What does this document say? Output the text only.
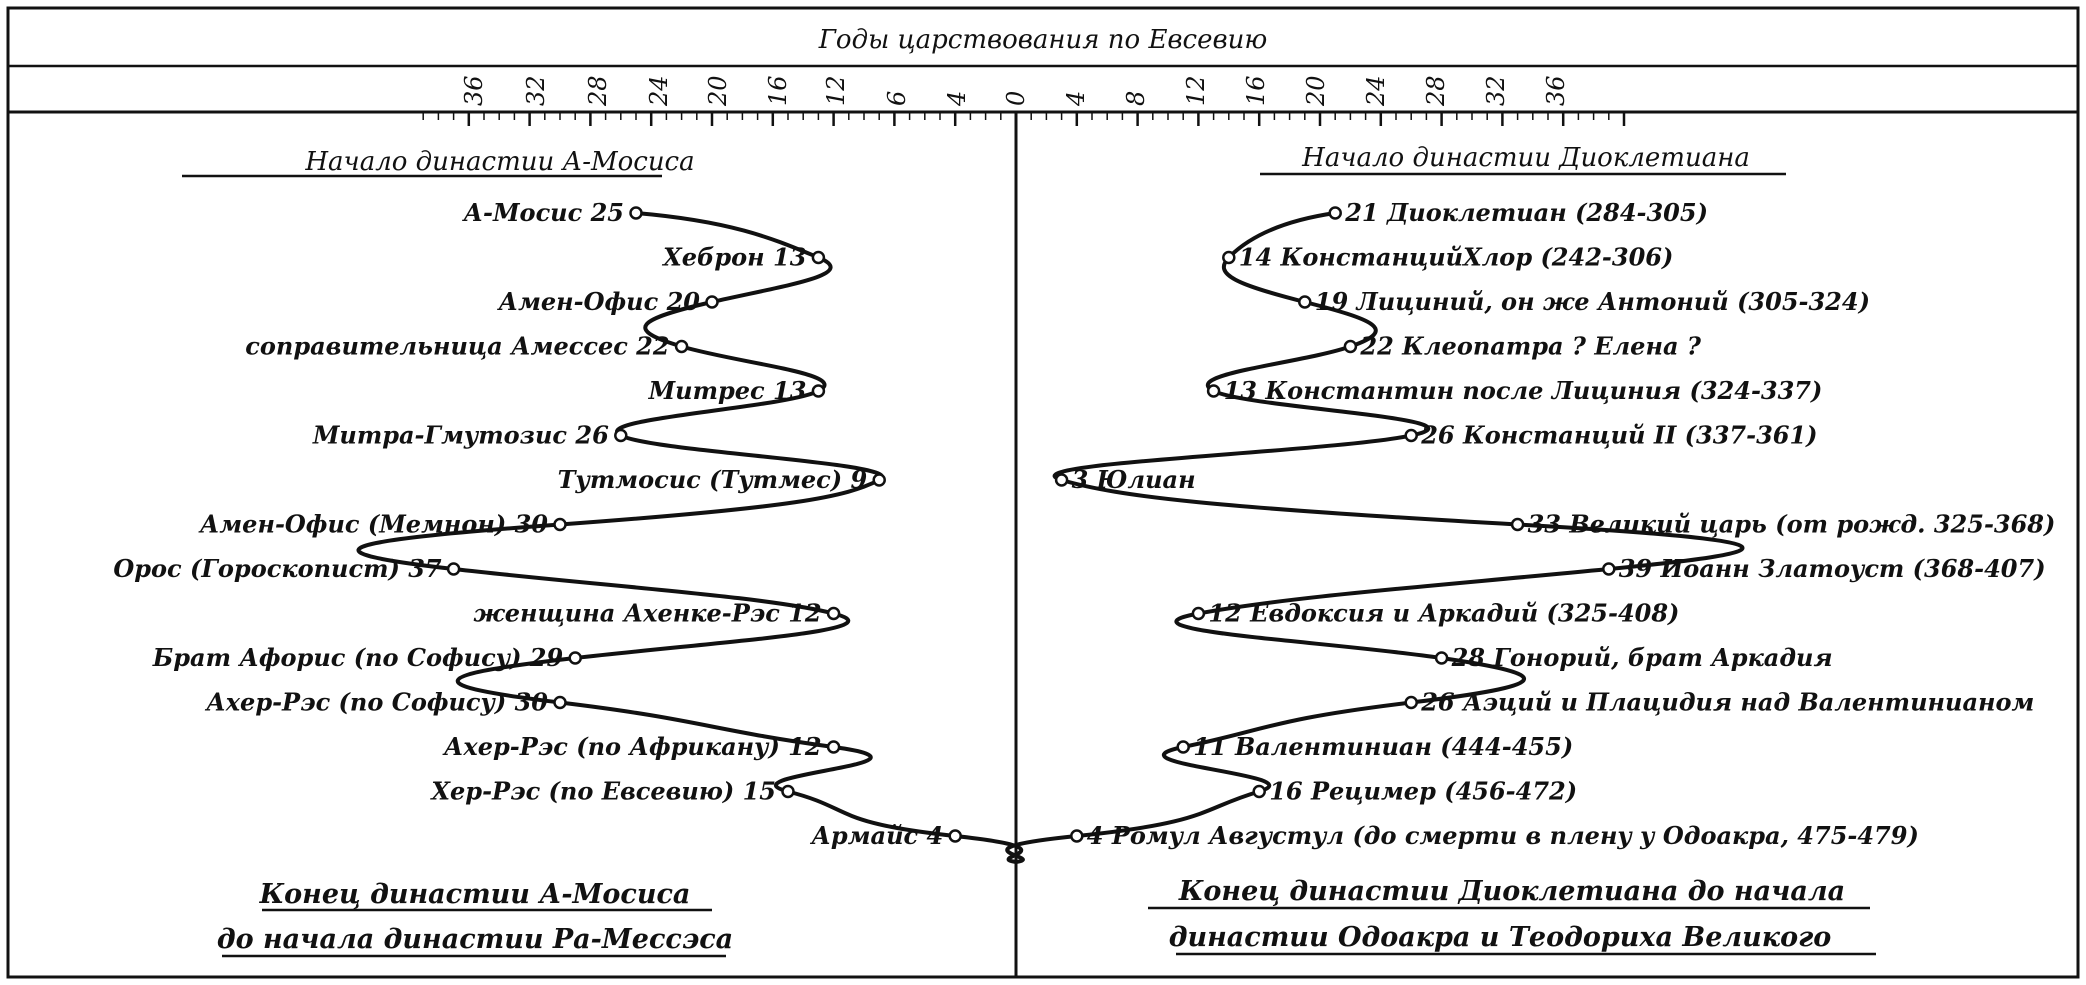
Годы царствования по Евсевию
36 32 28 24 20 16 12 6 4 0 4 8 12 16 20 24 28 32 36
Начало династии А-Мосиса	Начало династии Диоклетиана
А-Мосис 25
Хеброн 13
Амен-Офис 20
соправительница Амессес 22
Митрес 13
Митра-Гмутозис 26
Тутмосис (Тутмес) 9
Амен-Офис (Мемнон) 30
Орос (Гороскопист) 37
женщина Ахенке-Рэс 12
Брат Афорис (по Софису) 29
Ахер-Рэс (по Софису) 30
Ахер-Рэс (по Африкану) 12
Хер-Рэс (по Евсевию) 15
Армайс 4
21 Диоклетиан (284-305)
14 КонстанцийХлор (242-306)
19 Лициний, он же Антоний (305-324)
22 Клеопатра ? Елена ?
13 Константин после Лициния (324-337)
26 Констанций II (337-361)
3 Юлиан
33 Великий царь (от рожд. 325-368)
39 Иоанн Златоуст (368-407)
12 Евдоксия и Аркадий (325-408)
28 Гонорий, брат Аркадия
26 Аэций и Плацидия над Валентинианом
11 Валентиниан (444-455)
16 Рецимер (456-472)
4 Ромул Августул (до смерти в плену у Одоакра, 475-479)
Конец династии А-Мосиса
до начала династии Ра-Мессэса
Конец династии Диоклетиана до начала
династии Одоакра и Теодориха Великого
